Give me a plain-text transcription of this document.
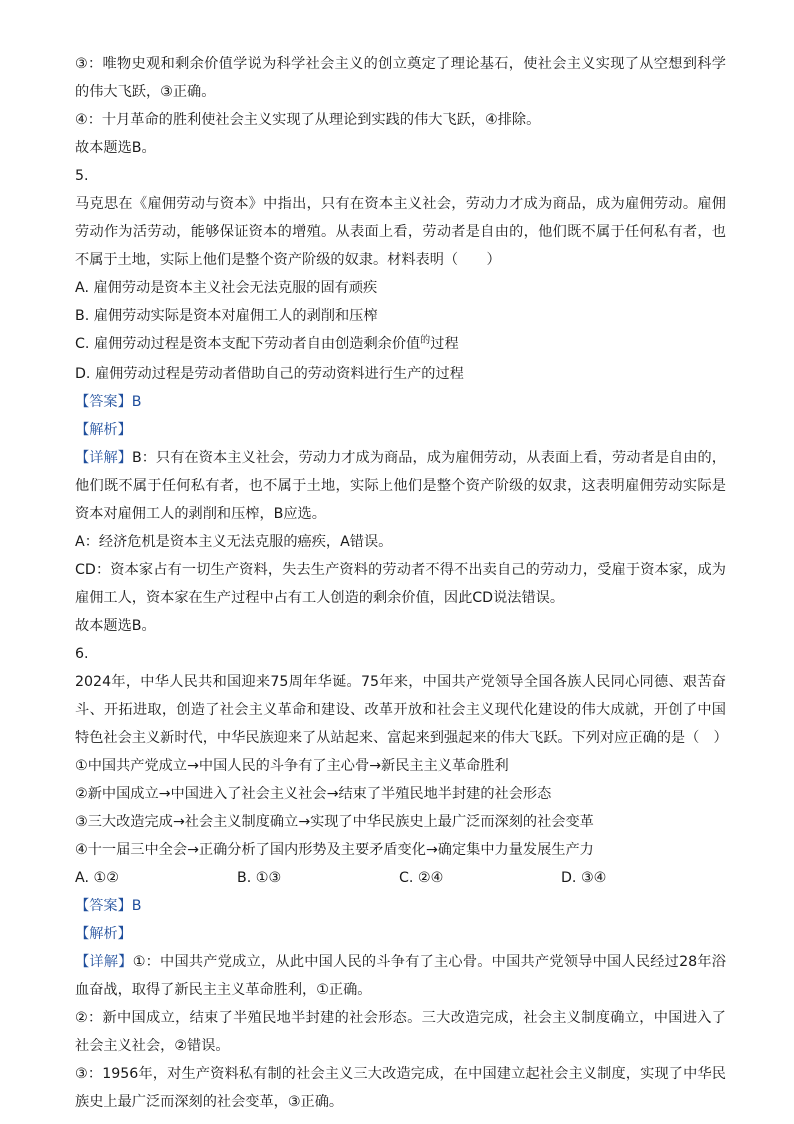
③：唯物史观和剩余价值学说为科学社会主义的创立奠定了理论基石，使社会主义实现了从空想到科学的伟大飞跃，③正确。
④：十月革命的胜利使社会主义实现了从理论到实践的伟大飞跃，④排除。
故本题选B。
5.
马克思在《雇佣劳动与资本》中指出，只有在资本主义社会，劳动力才成为商品，成为雇佣劳动。雇佣劳动作为活劳动，能够保证资本的增殖。从表面上看，劳动者是自由的，他们既不属于任何私有者，也不属于土地，实际上他们是整个资产阶级的奴隶。材料表明（　　）
A. 雇佣劳动是资本主义社会无法克服的固有顽疾
B. 雇佣劳动实际是资本对雇佣工人的剥削和压榨
C. 雇佣劳动过程是资本支配下劳动者自由创造剩余价值$^的$过程
D. 雇佣劳动过程是劳动者借助自己的劳动资料进行生产的过程
【答案】B
【解析】
【详解】B：只有在资本主义社会，劳动力才成为商品，成为雇佣劳动，从表面上看，劳动者是自由的，他们既不属于任何私有者，也不属于土地，实际上他们是整个资产阶级的奴隶，这表明雇佣劳动实际是资本对雇佣工人的剥削和压榨，B应选。
A：经济危机是资本主义无法克服的癌疾，A错误。
CD：资本家占有一切生产资料，失去生产资料的劳动者不得不出卖自己的劳动力，受雇于资本家，成为雇佣工人，资本家在生产过程中占有工人创造的剩余价值，因此CD说法错误。
故本题选B。
6.
2024年，中华人民共和国迎来75周年华诞。75年来，中国共产党领导全国各族人民同心同德、艰苦奋斗、开拓进取，创造了社会主义革命和建设、改革开放和社会主义现代化建设的伟大成就，开创了中国特色社会主义新时代，中华民族迎来了从站起来、富起来到强起来的伟大飞跃。下列对应正确的是（　）
①中国共产党成立→中国人民的斗争有了主心骨→新民主主义革命胜利
②新中国成立→中国进入了社会主义社会→结束了半殖民地半封建的社会形态
③三大改造完成→社会主义制度确立→实现了中华民族史上最广泛而深刻的社会变革
④十一届三中全会→正确分析了国内形势及主要矛盾变化→确定集中力量发展生产力
A. ①②	B. ①③	C. ②④	D. ③④
【答案】B
【解析】
【详解】①：中国共产党成立，从此中国人民的斗争有了主心骨。中国共产党领导中国人民经过28年浴血奋战，取得了新民主主义革命胜利，①正确。
②：新中国成立，结束了半殖民地半封建的社会形态。三大改造完成，社会主义制度确立，中国进入了社会主义社会，②错误。
③：1956年，对生产资料私有制的社会主义三大改造完成，在中国建立起社会主义制度，实现了中华民族史上最广泛而深刻的社会变革，③正确。
